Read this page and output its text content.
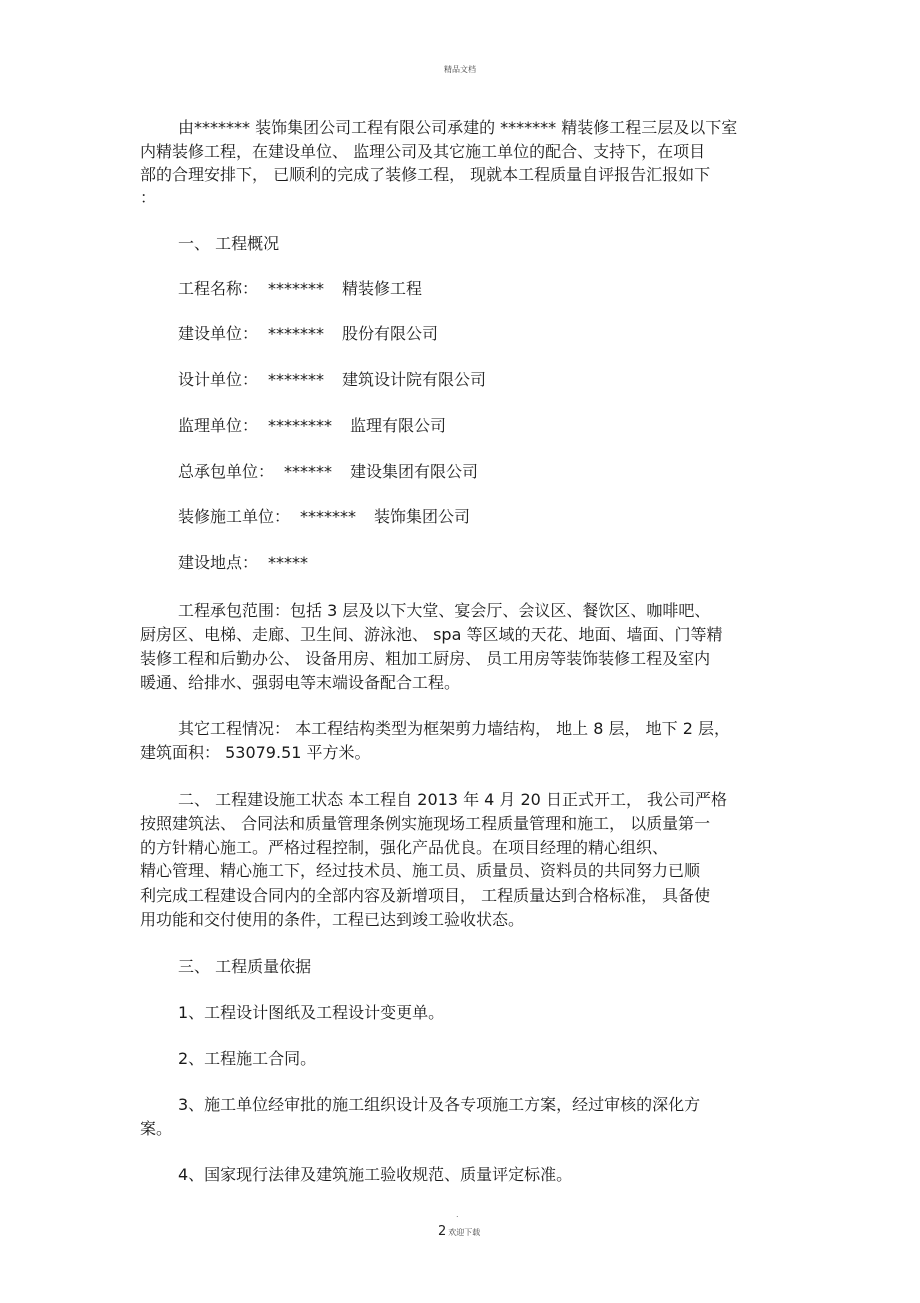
精品文档
由******* 装饰集团公司工程有限公司承建的 ******* 精装修工程三层及以下室
内精装修工程，在建设单位、 监理公司及其它施工单位的配合、支持下，在项目
部的合理安排下， 已顺利的完成了装修工程， 现就本工程质量自评报告汇报如下
：
一、 工程概况
工程名称： ******* 精装修工程
建设单位： ******* 股份有限公司
设计单位： ******* 建筑设计院有限公司
监理单位： ******** 监理有限公司
总承包单位： ****** 建设集团有限公司
装修施工单位： ******* 装饰集团公司
建设地点： *****
工程承包范围：包括 3 层及以下大堂、宴会厅、会议区、餐饮区、咖啡吧、
厨房区、电梯、走廊、卫生间、游泳池、 spa 等区域的天花、地面、墙面、门等精
装修工程和后勤办公、 设备用房、粗加工厨房、 员工用房等装饰装修工程及室内
暖通、给排水、强弱电等末端设备配合工程。
其它工程情况： 本工程结构类型为框架剪力墙结构， 地上 8 层， 地下 2 层，
建筑面积： 53079.51 平方米。
二、 工程建设施工状态 本工程自 2013 年 4 月 20 日正式开工， 我公司严格
按照建筑法、 合同法和质量管理条例实施现场工程质量管理和施工， 以质量第一
的方针精心施工。严格过程控制，强化产品优良。在项目经理的精心组织、
精心管理、精心施工下，经过技术员、施工员、质量员、资料员的共同努力已顺
利完成工程建设合同内的全部内容及新增项目， 工程质量达到合格标准， 具备使
用功能和交付使用的条件，工程已达到竣工验收状态。
三、 工程质量依据
1、工程设计图纸及工程设计变更单。
2、工程施工合同。
3、施工单位经审批的施工组织设计及各专项施工方案，经过审核的深化方
案。
4、国家现行法律及建筑施工验收规范、质量评定标准。
.
2 欢迎下载
